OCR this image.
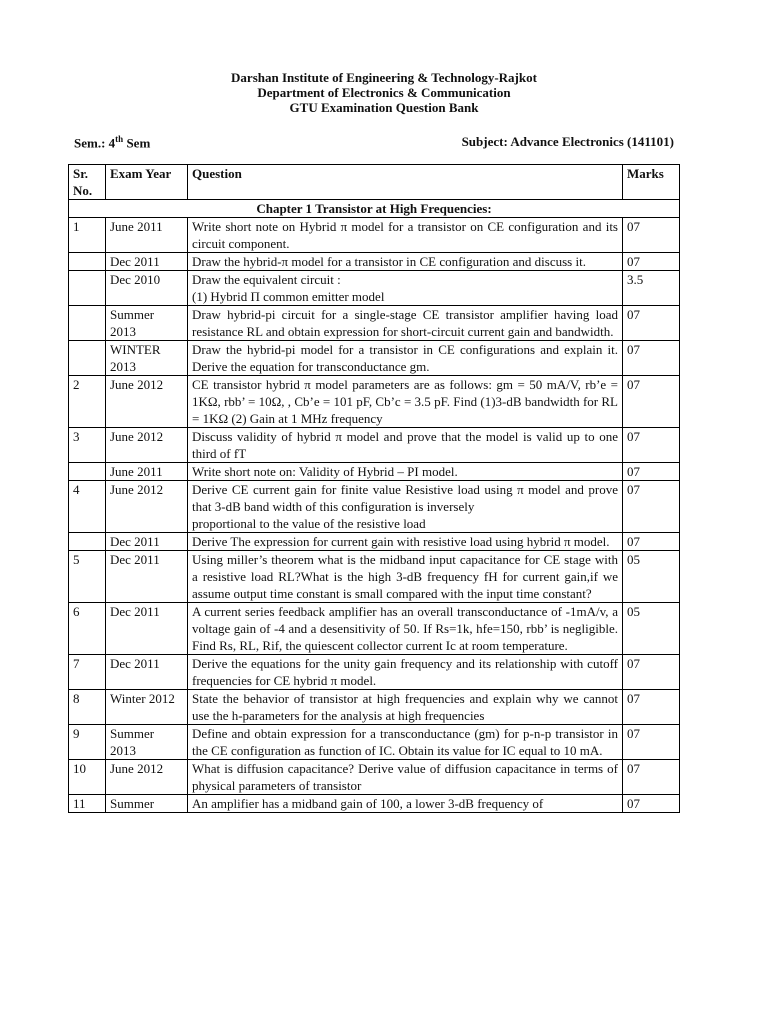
Darshan Institute of Engineering & Technology-Rajkot
Department of Electronics & Communication
GTU Examination Question Bank
Sem.: 4th Sem	Subject: Advance Electronics (141101)
Sr. No.	Exam Year	Question	Marks
Chapter 1 Transistor at High Frequencies:			
1	June 2011	Write short note on Hybrid π model for a transistor on CE configuration and its circuit component.	07
	Dec 2011	Draw the hybrid-π model for a transistor in CE configuration and discuss it.	07
	Dec 2010	Draw the equivalent circuit :
(1) Hybrid Π common emitter model	3.5
	Summer 2013	Draw hybrid-pi circuit for a single-stage CE transistor amplifier having load resistance RL and obtain expression for short-circuit current gain and bandwidth.	07
	WINTER 2013	Draw the hybrid-pi model for a transistor in CE configurations and explain it. Derive the equation for transconductance gm.	07
2	June 2012	CE transistor hybrid π model parameters are as follows: gm = 50 mA/V, rb’e = 1KΩ, rbb’ = 10Ω, , Cb’e = 101 pF, Cb’c = 3.5 pF. Find (1)3-dB bandwidth for RL = 1KΩ (2) Gain at 1 MHz frequency	07
3	June 2012	Discuss validity of hybrid π model and prove that the model is valid up to one third of fT	07
	June 2011	Write short note on: Validity of Hybrid – PI model.	07
4	June 2012	Derive CE current gain for finite value Resistive load using π model and prove that 3-dB band width of this configuration is inversely
proportional to the value of the resistive load	07
	Dec 2011	Derive The expression for current gain with resistive load using hybrid π model.	07
5	Dec 2011	Using miller’s theorem what is the midband input capacitance for CE stage with a resistive load RL?What is the high 3-dB frequency fH for current gain,if we assume output time constant is small compared with the input time constant?	05
6	Dec 2011	A current series feedback amplifier has an overall transconductance of -1mA/v, a voltage gain of -4 and a desensitivity of 50. If Rs=1k, hfe=150, rbb’ is negligible. Find Rs, RL, Rif, the quiescent collector current Ic at room temperature.	05
7	Dec 2011	Derive the equations for the unity gain frequency and its relationship with cutoff frequencies for CE hybrid π model.	07
8	Winter 2012	State the behavior of transistor at high frequencies and explain why we cannot use the h-parameters for the analysis at high frequencies	07
9	Summer 2013	Define and obtain expression for a transconductance (gm) for p-n-p transistor in the CE configuration as function of IC. Obtain its value for IC equal to 10 mA.	07
10	June 2012	What is diffusion capacitance? Derive value of diffusion capacitance in terms of physical parameters of transistor	07
11	Summer	An amplifier has a midband gain of 100, a lower 3-dB frequency of	07
